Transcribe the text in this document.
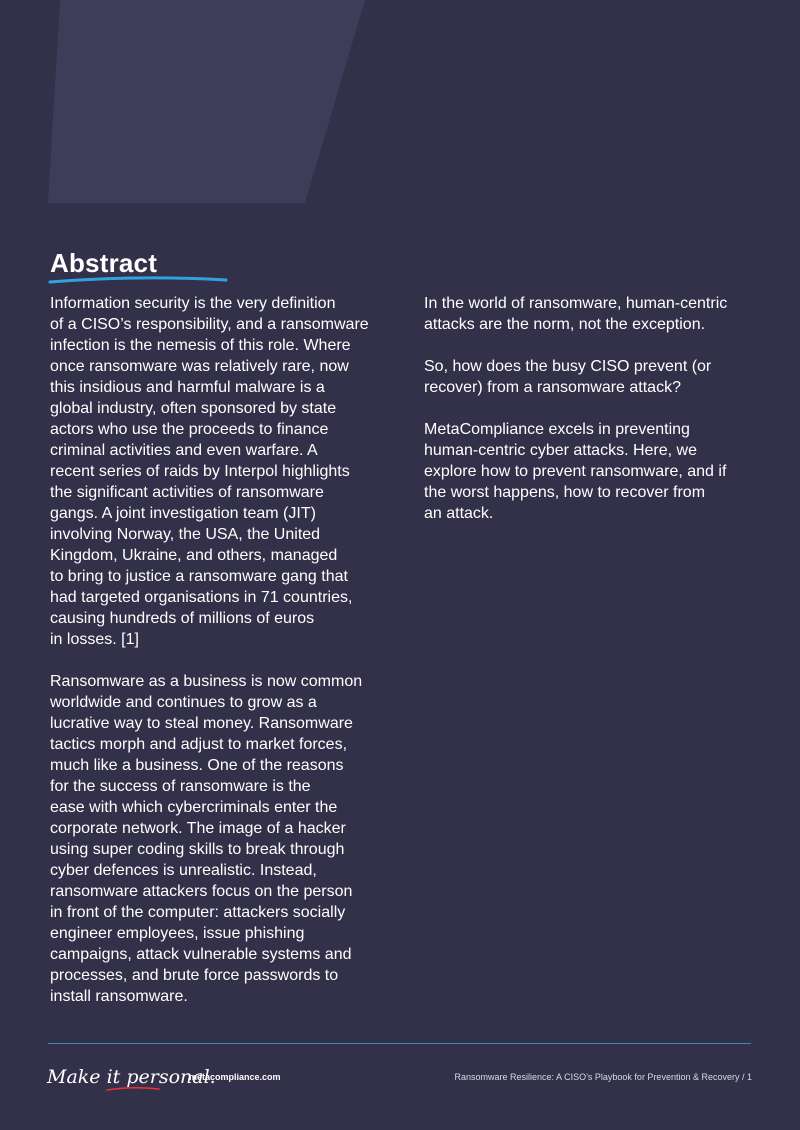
Abstract
Information security is the very definition
of a CISO’s responsibility, and a ransomware
infection is the nemesis of this role. Where
once ransomware was relatively rare, now
this insidious and harmful malware is a
global industry, often sponsored by state
actors who use the proceeds to finance
criminal activities and even warfare. A
recent series of raids by Interpol highlights
the significant activities of ransomware
gangs. A joint investigation team (JIT)
involving Norway, the USA, the United
Kingdom, Ukraine, and others, managed
to bring to justice a ransomware gang that
had targeted organisations in 71 countries,
causing hundreds of millions of euros
in losses. [1]
Ransomware as a business is now common
worldwide and continues to grow as a
lucrative way to steal money. Ransomware
tactics morph and adjust to market forces,
much like a business. One of the reasons
for the success of ransomware is the
ease with which cybercriminals enter the
corporate network. The image of a hacker
using super coding skills to break through
cyber defences is unrealistic. Instead,
ransomware attackers focus on the person
in front of the computer: attackers socially
engineer employees, issue phishing
campaigns, attack vulnerable systems and
processes, and brute force passwords to
install ransomware.
In the world of ransomware, human-centric
attacks are the norm, not the exception.
So, how does the busy CISO prevent (or
recover) from a ransomware attack?
MetaCompliance excels in preventing
human-centric cyber attacks. Here, we
explore how to prevent ransomware, and if
the worst happens, how to recover from
an attack.
Make it personal.
metacompliance.com	Ransomware Resilience: A CISO’s Playbook for Prevention & Recovery / 1
